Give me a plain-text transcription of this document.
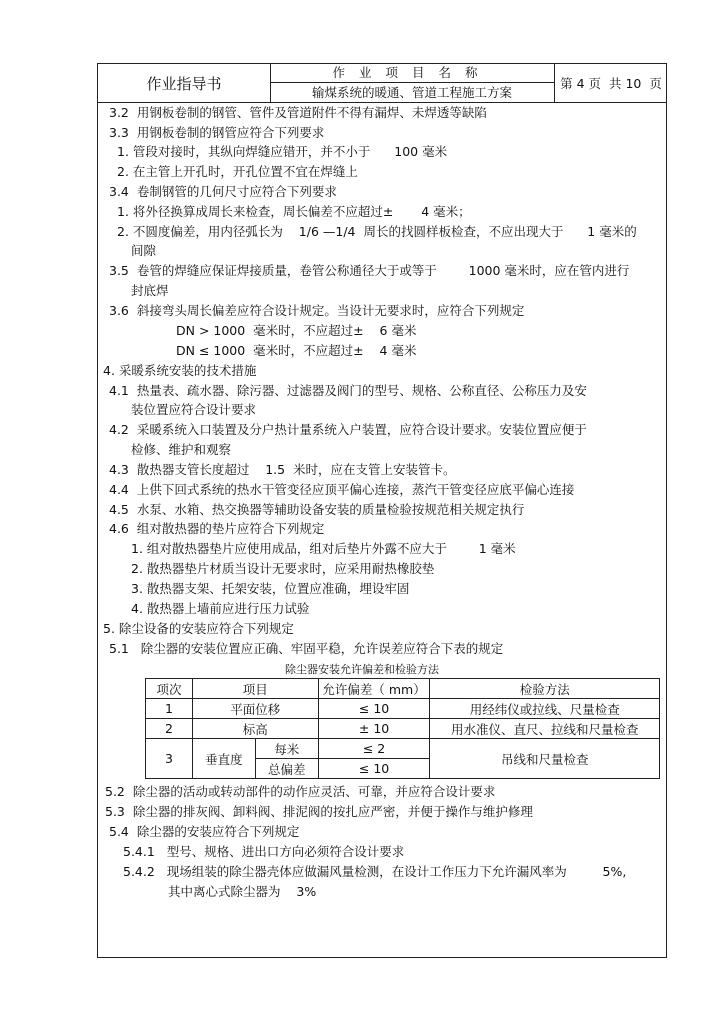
作业指导书
作业项目名称
输煤系统的暖通、管道工程施工方案
第 4 页  共 10  页
3.2  用钢板卷制的钢管、管件及管道附件不得有漏焊、未焊透等缺陷
3.3  用钢板卷制的钢管应符合下列要求
1. 管段对接时，其纵向焊缝应错开，并不小于      100 毫米
2. 在主管上开孔时，开孔位置不宜在焊缝上
3.4  卷制钢管的几何尺寸应符合下列要求
1. 将外径换算成周长来检查，周长偏差不应超过±       4 毫米；
2. 不圆度偏差，用内径弧长为    1/6 —1/4  周长的找圆样板检查，不应出现大于      1 毫米的
间隙
3.5  卷管的焊缝应保证焊接质量，卷管公称通径大于或等于        1000 毫米时，应在管内进行
封底焊
3.6  斜接弯头周长偏差应符合设计规定。当设计无要求时，应符合下列规定
DN > 1000  毫米时，不应超过±    6 毫米
DN ≤ 1000  毫米时，不应超过±    4 毫米
4. 采暖系统安装的技术措施
4.1  热量表、疏水器、除污器、过滤器及阀门的型号、规格、公称直径、公称压力及安
装位置应符合设计要求
4.2  采暖系统入口装置及分户热计量系统入户装置，应符合设计要求。安装位置应便于
检修、维护和观察
4.3  散热器支管长度超过    1.5  米时，应在支管上安装管卡。
4.4  上供下回式系统的热水干管变径应顶平偏心连接，蒸汽干管变径应底平偏心连接
4.5  水泵、水箱、热交换器等辅助设备安装的质量检验按规范相关规定执行
4.6  组对散热器的垫片应符合下列规定
1. 组对散热器垫片应使用成品，组对后垫片外露不应大于        1 毫米
2. 散热器垫片材质当设计无要求时，应采用耐热橡胶垫
3. 散热器支架、托架安装，位置应准确，埋设牢固
4. 散热器上墙前应进行压力试验
5. 除尘设备的安装应符合下列规定
5.1   除尘器的安装位置应正确、牢固平稳，允许误差应符合下表的规定
除尘器安装允许偏差和检验方法
项次	项目		允许偏差（ mm）	检验方法
1	平面位移		≤ 10	用经纬仪或拉线、尺量检查
2	标高		± 10	用水准仪、直尺、拉线和尺量检查
3	垂直度	每米	≤ 2	吊线和尺量检查
		总偏差	≤ 10	
5.2  除尘器的活动或转动部件的动作应灵活、可靠，并应符合设计要求
5.3  除尘器的排灰阀、卸料阀、排泥阀的按扎应严密，并便于操作与维护修理
5.4  除尘器的安装应符合下列规定
5.4.1   型号、规格、进出口方向必须符合设计要求
5.4.2   现场组装的除尘器壳体应做漏风量检测，在设计工作压力下允许漏风率为         5%,
其中离心式除尘器为    3%
